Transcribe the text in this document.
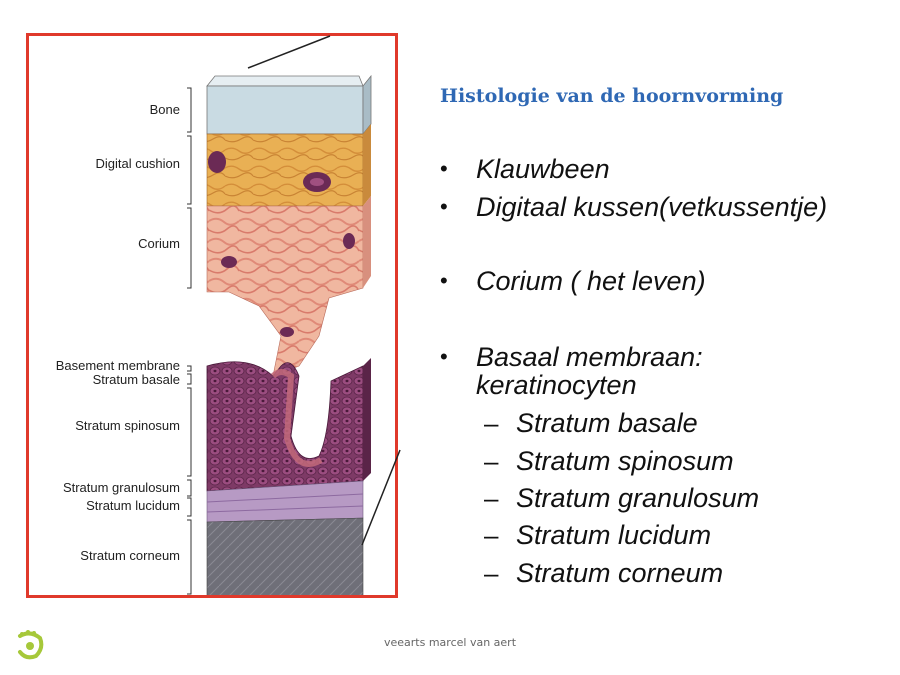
Bone
Digital cushion
Corium
Basement membrane
Stratum basale
Stratum spinosum
Stratum granulosum
Stratum lucidum
Stratum corneum
Histologie van de hoornvorming
• Klauwbeen
• Digitaal kussen(vetkussentje)
• Corium ( het leven)
• Basaal membraan:
keratinocyten
– Stratum basale
– Stratum spinosum
– Stratum granulosum
– Stratum lucidum
– Stratum corneum
veearts marcel van aert
